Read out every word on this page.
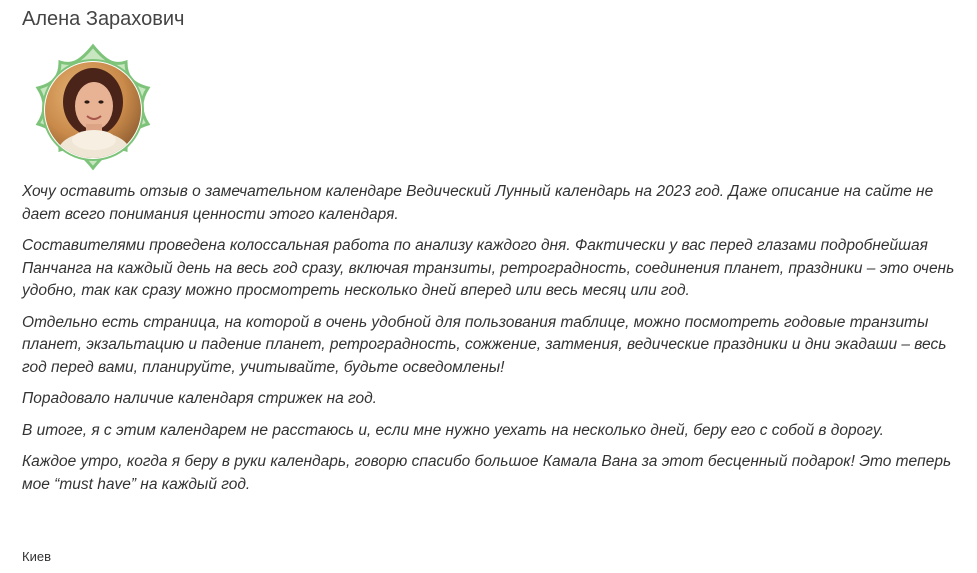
Алена Зарахович

Хочу оставить отзыв о замечательном календаре Ведический Лунный календарь на 2023 год. Даже описание на сайте не дает всего понимания ценности этого календаря.

Составителями проведена колоссальная работа по анализу каждого дня. Фактически у вас перед глазами подробнейшая Панчанга на каждый день на весь год сразу, включая транзиты, ретроградность, соединения планет, праздники – это очень удобно, так как сразу можно просмотреть несколько дней вперед или весь месяц или год.

Отдельно есть страница, на которой в очень удобной для пользования таблице, можно посмотреть годовые транзиты планет, экзальтацию и падение планет, ретроградность, сожжение, затмения, ведические праздники и дни экадаши – весь год перед вами, планируйте, учитывайте, будьте осведомлены!

Порадовало наличие календаря стрижек на год.

В итоге, я с этим календарем не расстаюсь и, если мне нужно уехать на несколько дней, беру его с собой в дорогу.

Каждое утро, когда я беру в руки календарь, говорю спасибо большое Камала Вана за этот бесценный подарок! Это теперь мое “must have” на каждый год.

Киев
